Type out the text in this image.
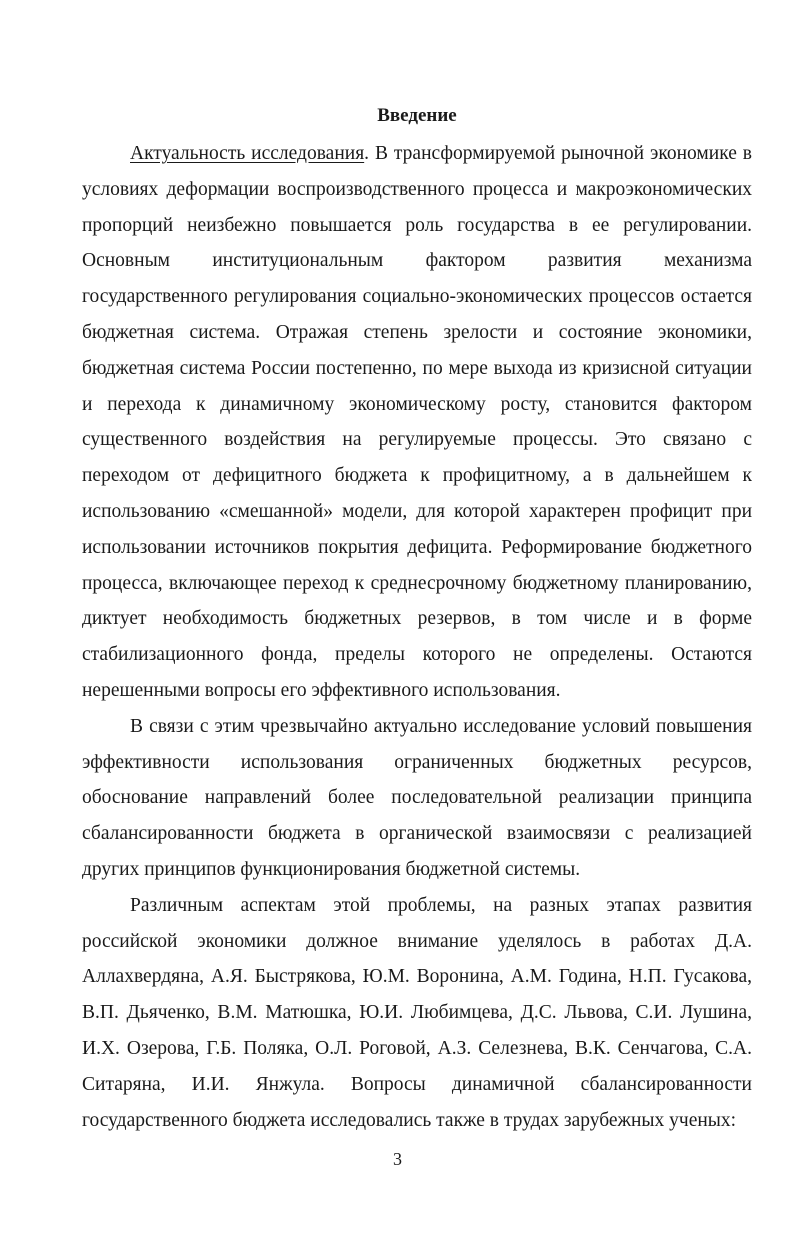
Введение

Актуальность исследования. В трансформируемой рыночной экономике в условиях деформации воспроизводственного процесса и макроэкономических пропорций неизбежно повышается роль государства в ее регулировании. Основным институциональным фактором развития механизма государственного регулирования социально-экономических процессов остается бюджетная система. Отражая степень зрелости и состояние экономики, бюджетная система России постепенно, по мере выхода из кризисной ситуации и перехода к динамичному экономическому росту, становится фактором существенного воздействия на регулируемые процессы. Это связано с переходом от дефицитного бюджета к профицитному, а в дальнейшем к использованию «смешанной» модели, для которой характерен профицит при использовании источников покрытия дефицита. Реформирование бюджетного процесса, включающее переход к среднесрочному бюджетному планированию, диктует необходимость бюджетных резервов, в том числе и в форме стабилизационного фонда, пределы которого не определены. Остаются нерешенными вопросы его эффективного использования.

В связи с этим чрезвычайно актуально исследование условий повышения эффективности использования ограниченных бюджетных ресурсов, обоснование направлений более последовательной реализации принципа сбалансированности бюджета в органической взаимосвязи с реализацией других принципов функционирования бюджетной системы.

Различным аспектам этой проблемы, на разных этапах развития российской экономики должное внимание уделялось в работах Д.А. Аллахвердяна, А.Я. Быстрякова, Ю.М. Воронина, А.М. Година, Н.П. Гусакова, В.П. Дьяченко, В.М. Матюшка, Ю.И. Любимцева, Д.С. Львова, С.И. Лушина, И.Х. Озерова, Г.Б. Поляка, О.Л. Роговой, А.З. Селезнева, В.К. Сенчагова, С.А. Ситаряна, И.И. Янжула. Вопросы динамичной сбалансированности государственного бюджета исследовались также в трудах зарубежных ученых:

3
